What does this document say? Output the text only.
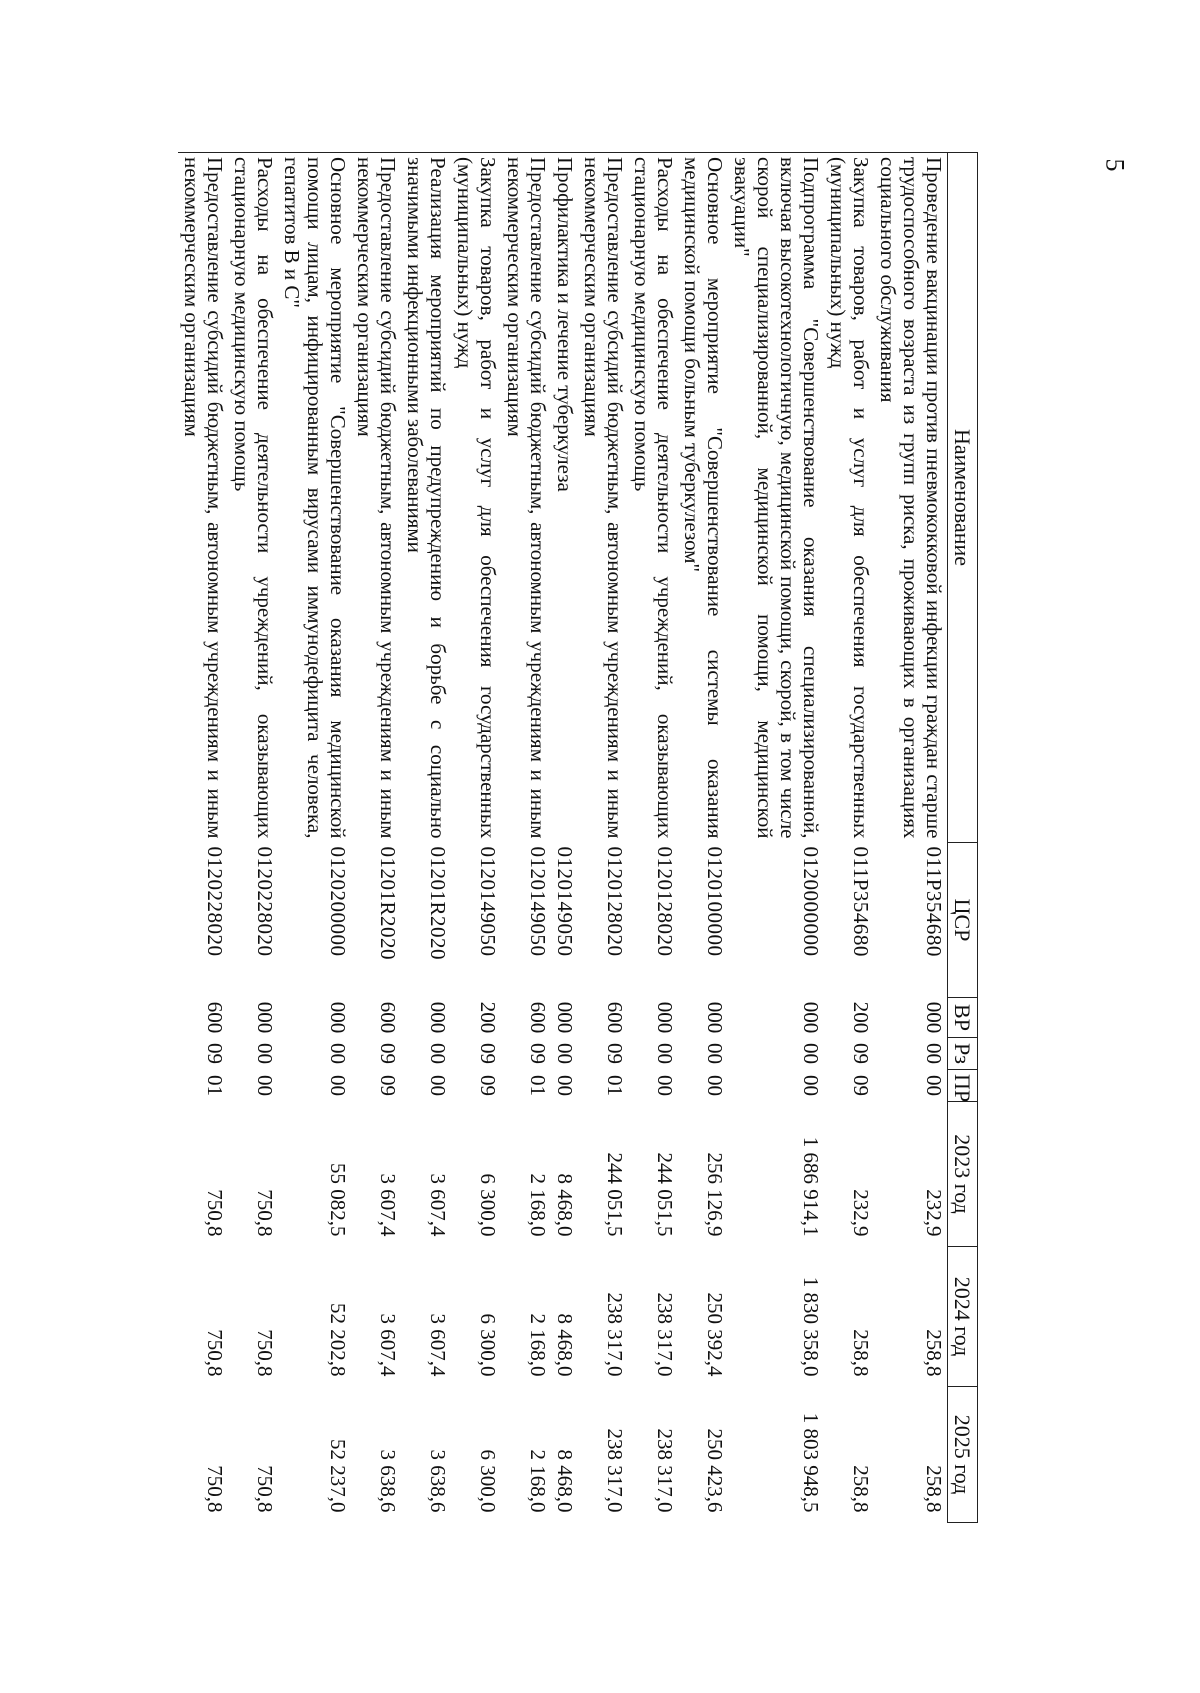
5
Наименование	ЦСР	ВР	Рз	ПР	2023 год	2024 год	2025 год
Проведение вакцинации против пневмококковой инфекции граждан старше трудоспособного возраста из групп риска, проживающих в организациях социального обслуживания	011P354680	000	00	00	232,9	258,8	258,8
Закупка товаров, работ и услуг для обеспечения государственных (муниципальных) нужд	011P354680	200	09	09	232,9	258,8	258,8
Подпрограмма "Совершенствование оказания специализированной, включая высокотехнологичную, медицинской помощи, скорой, в том числе скорой специализированной, медицинской помощи, медицинской эвакуации"	0120000000	000	00	00	1 686 914,1	1 830 358,0	1 803 948,5
Основное мероприятие "Совершенствование системы оказания медицинской помощи больным туберкулезом"	0120100000	000	00	00	256 126,9	250 392,4	250 423,6
Расходы на обеспечение деятельности учреждений, оказывающих стационарную медицинскую помощь	0120128020	000	00	00	244 051,5	238 317,0	238 317,0
Предоставление субсидий бюджетным, автономным учреждениям и иным некоммерческим организациям	0120128020	600	09	01	244 051,5	238 317,0	238 317,0
Профилактика и лечение туберкулеза	0120149050	000	00	00	8 468,0	8 468,0	8 468,0
Предоставление субсидий бюджетным, автономным учреждениям и иным некоммерческим организациям	0120149050	600	09	01	2 168,0	2 168,0	2 168,0
Закупка товаров, работ и услуг для обеспечения государственных (муниципальных) нужд	0120149050	200	09	09	6 300,0	6 300,0	6 300,0
Реализация мероприятий по предупреждению и борьбе с социально значимыми инфекционными заболеваниями	01201R2020	000	00	00	3 607,4	3 607,4	3 638,6
Предоставление субсидий бюджетным, автономным учреждениям и иным некоммерческим организациям	01201R2020	600	09	09	3 607,4	3 607,4	3 638,6
Основное мероприятие "Совершенствование оказания медицинской помощи лицам, инфицированным вирусами иммунодефицита человека, гепатитов В и С"	0120200000	000	00	00	55 082,5	52 202,8	52 237,0
Расходы на обеспечение деятельности учреждений, оказывающих стационарную медицинскую помощь	0120228020	000	00	00	750,8	750,8	750,8
Предоставление субсидий бюджетным, автономным учреждениям и иным некоммерческим организациям	0120228020	600	09	01	750,8	750,8	750,8
